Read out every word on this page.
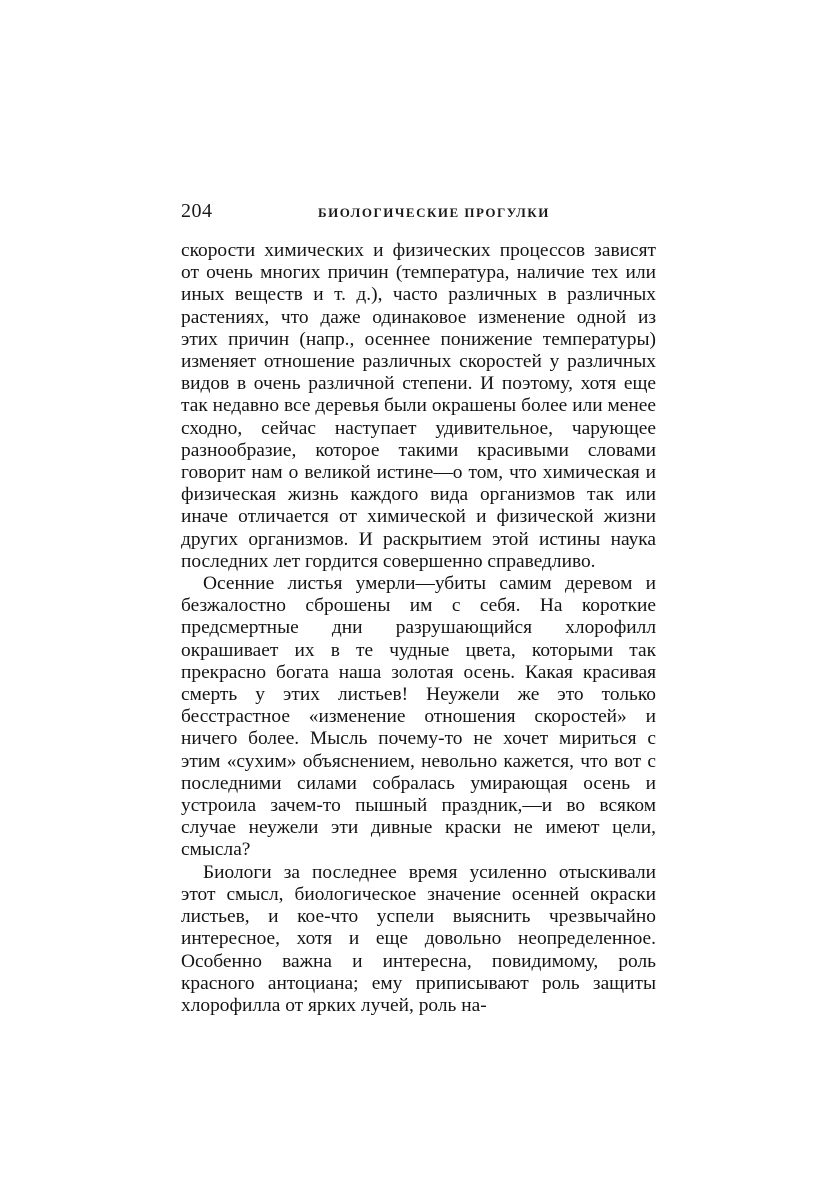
204	БИОЛОГИЧЕСКИЕ ПРОГУЛКИ

скорости химических и физических процессов зависят от очень многих причин (температура, наличие тех или иных веществ и т. д.), часто различных в различных растениях, что даже одинаковое изменение одной из этих причин (напр., осеннее понижение температуры) изменяет отношение различных скоростей у различных видов в очень различной степени. И поэтому, хотя еще так недавно все деревья были окрашены более или менее сходно, сейчас наступает удивительное, чарующее разнообразие, которое такими красивыми словами говорит нам о великой истине—о том, что химическая и физическая жизнь каждого вида организмов так или иначе отличается от химической и физической жизни других организмов. И раскрытием этой истины наука последних лет гордится совершенно справедливо.

Осенние листья умерли—убиты самим деревом и безжалостно сброшены им с себя. На короткие предсмертные дни разрушающийся хлорофилл окрашивает их в те чудные цвета, которыми так прекрасно богата наша золотая осень. Какая красивая смерть у этих листьев! Неужели же это только бесстрастное «изменение отношения скоростей» и ничего более. Мысль почему-то не хочет мириться с этим «сухим» объяснением, невольно кажется, что вот с последними силами собралась умирающая осень и устроила зачем-то пышный праздник,—и во всяком случае неужели эти дивные краски не имеют цели, смысла?

Биологи за последнее время усиленно отыскивали этот смысл, биологическое значение осенней окраски листьев, и кое-что успели выяснить чрезвычайно интересное, хотя и еще довольно неопределенное. Особенно важна и интересна, повидимому, роль красного антоциана; ему приписывают роль защиты хлорофилла от ярких лучей, роль на-
